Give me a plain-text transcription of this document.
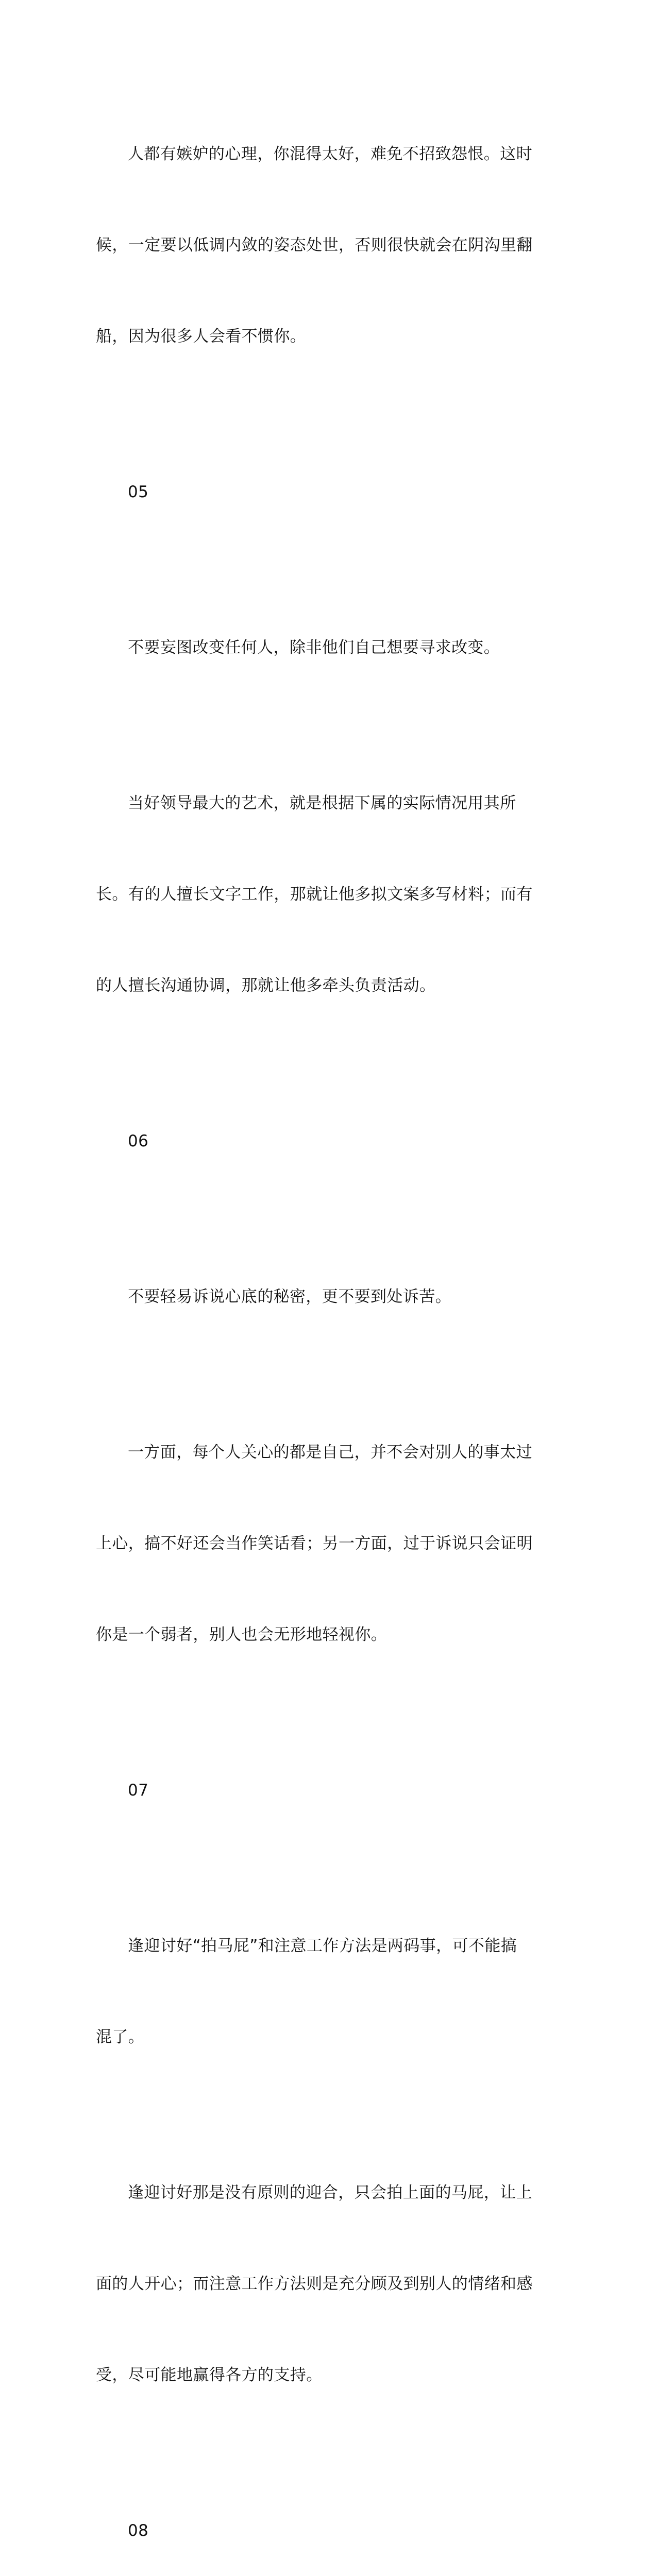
人都有嫉妒的心理，你混得太好，难免不招致怨恨。这时

候，一定要以低调内敛的姿态处世，否则很快就会在阴沟里翻

船，因为很多人会看不惯你。

05

不要妄图改变任何人，除非他们自己想要寻求改变。

当好领导最大的艺术，就是根据下属的实际情况用其所

长。有的人擅长文字工作，那就让他多拟文案多写材料；而有

的人擅长沟通协调，那就让他多牵头负责活动。

06

不要轻易诉说心底的秘密，更不要到处诉苦。

一方面，每个人关心的都是自己，并不会对别人的事太过

上心，搞不好还会当作笑话看；另一方面，过于诉说只会证明

你是一个弱者，别人也会无形地轻视你。

07

逢迎讨好“拍马屁”和注意工作方法是两码事，可不能搞

混了。

逢迎讨好那是没有原则的迎合，只会拍上面的马屁，让上

面的人开心；而注意工作方法则是充分顾及到别人的情绪和感

受，尽可能地赢得各方的支持。

08
